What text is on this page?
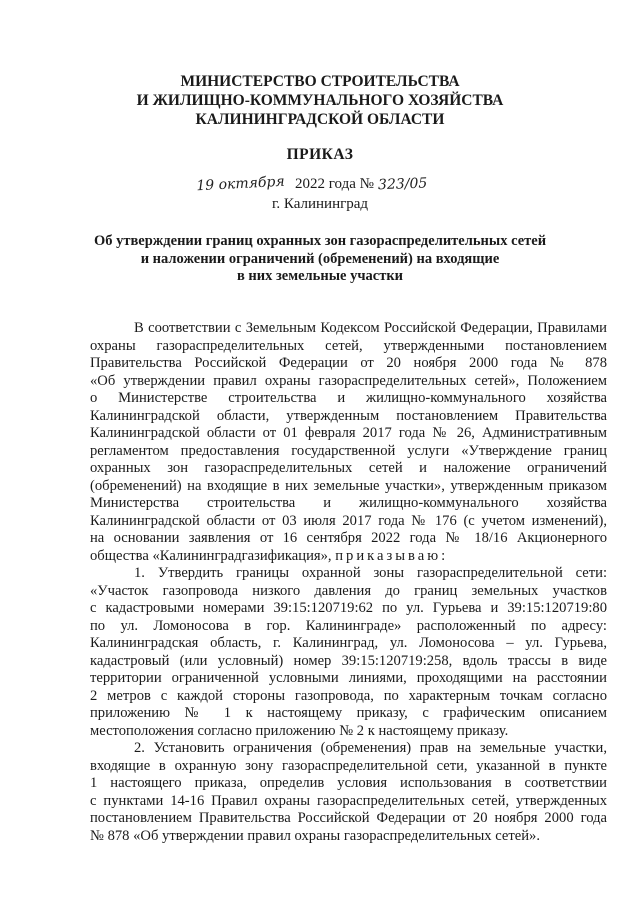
МИНИСТЕРСТВО СТРОИТЕЛЬСТВА
И ЖИЛИЩНО-КОММУНАЛЬНОГО ХОЗЯЙСТВА
КАЛИНИНГРАДСКОЙ ОБЛАСТИ
ПРИКАЗ
19 октября 2022 года № 323/05
г. Калининград
Об утверждении границ охранных зон газораспределительных сетей
и наложении ограничений (обременений) на входящие
в них земельные участки
В соответствии с Земельным Кодексом Российской Федерации, Правилами
охраны газораспределительных сетей, утвержденными постановлением
Правительства Российской Федерации от 20 ноября 2000 года № 878
«Об утверждении правил охраны газораспределительных сетей», Положением
о Министерстве строительства и жилищно-коммунального хозяйства
Калининградской области, утвержденным постановлением Правительства
Калининградской области от 01 февраля 2017 года № 26, Административным
регламентом предоставления государственной услуги «Утверждение границ
охранных зон газораспределительных сетей и наложение ограничений
(обременений) на входящие в них земельные участки», утвержденным приказом
Министерства строительства и жилищно-коммунального хозяйства
Калининградской области от 03 июля 2017 года № 176 (с учетом изменений),
на основании заявления от 16 сентября 2022 года № 18/16 Акционерного
общества «Калининградгазификация», приказываю:
1. Утвердить границы охранной зоны газораспределительной сети:
«Участок газопровода низкого давления до границ земельных участков
с кадастровыми номерами 39:15:120719:62 по ул. Гурьева и 39:15:120719:80
по ул. Ломоносова в гор. Калининграде» расположенный по адресу:
Калининградская область, г. Калининград, ул. Ломоносова – ул. Гурьева,
кадастровый (или условный) номер 39:15:120719:258, вдоль трассы в виде
территории ограниченной условными линиями, проходящими на расстоянии
2 метров с каждой стороны газопровода, по характерным точкам согласно
приложению № 1 к настоящему приказу, с графическим описанием
местоположения согласно приложению № 2 к настоящему приказу.
2. Установить ограничения (обременения) прав на земельные участки,
входящие в охранную зону газораспределительной сети, указанной в пункте
1 настоящего приказа, определив условия использования в соответствии
с пунктами 14-16 Правил охраны газораспределительных сетей, утвержденных
постановлением Правительства Российской Федерации от 20 ноября 2000 года
№ 878 «Об утверждении правил охраны газораспределительных сетей».
